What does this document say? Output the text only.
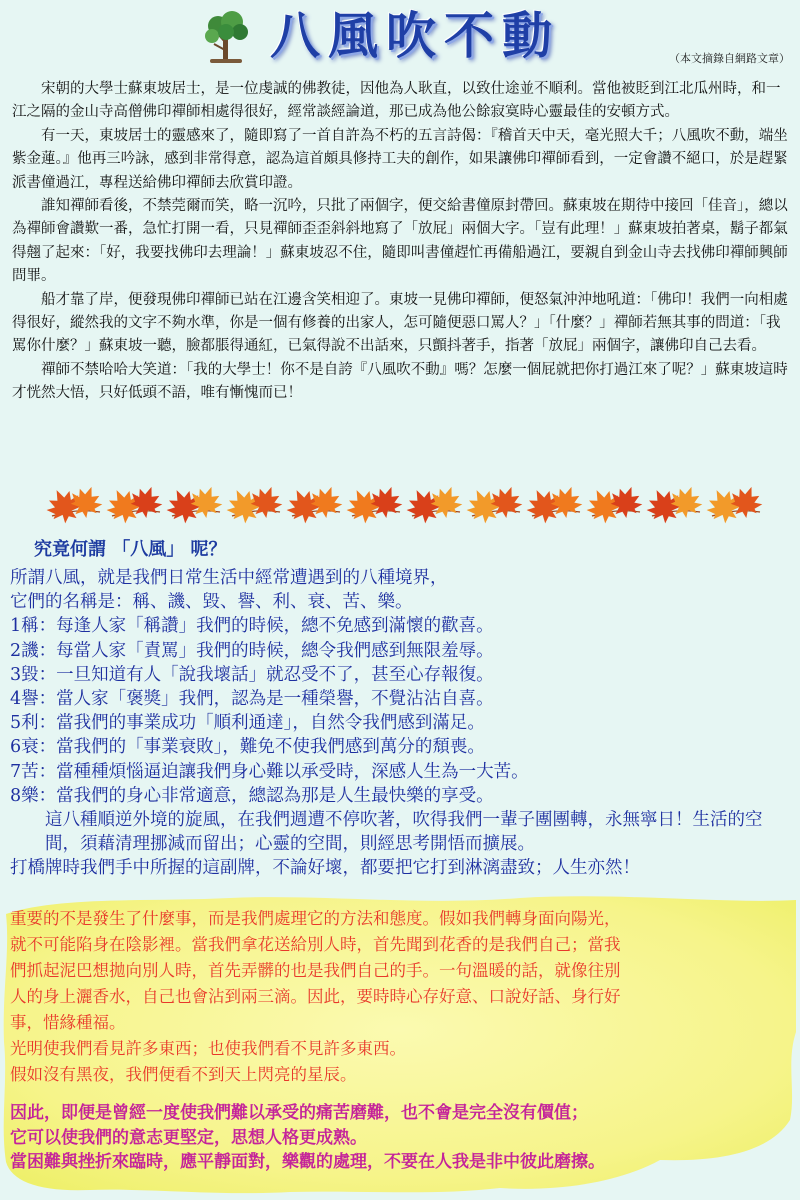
八風吹不動	（本文摘錄自網路文章）

宋朝的大學士蘇東坡居士，是一位虔誠的佛教徒，因他為人耿直，以致仕途並不順利。當他被貶到江北瓜州時，和一江之隔的金山寺高僧佛印禪師相處得很好，經常談經論道，那已成為他公餘寂寞時心靈最佳的安頓方式。

有一天，東坡居士的靈感來了，隨即寫了一首自許為不朽的五言詩偈：『稽首天中天，毫光照大千；八風吹不動，端坐紫金蓮。』他再三吟詠，感到非常得意，認為這首頗具修持工夫的創作，如果讓佛印禪師看到，一定會讚不絕口，於是趕緊派書僮過江，專程送給佛印禪師去欣賞印證。

誰知禪師看後，不禁莞爾而笑，略一沉吟，只批了兩個字，便交給書僮原封帶回。蘇東坡在期待中接回「佳音」，總以為禪師會讚歎一番，急忙打開一看，只見禪師歪歪斜斜地寫了「放屁」兩個大字。「豈有此理！」蘇東坡拍著桌，鬍子都氣得翹了起來：「好，我要找佛印去理論！」蘇東坡忍不住，隨即叫書僮趕忙再備船過江，要親自到金山寺去找佛印禪師興師問罪。

船才靠了岸，便發現佛印禪師已站在江邊含笑相迎了。東坡一見佛印禪師，便怒氣沖沖地吼道：「佛印！我們一向相處得很好，縱然我的文字不夠水準，你是一個有修養的出家人，怎可隨便惡口罵人？」「什麼？」禪師若無其事的問道：「我罵你什麼？」蘇東坡一聽，臉都脹得通紅，已氣得說不出話來，只顫抖著手，指著「放屁」兩個字，讓佛印自己去看。

禪師不禁哈哈大笑道：「我的大學士！你不是自誇『八風吹不動』嗎？怎麼一個屁就把你打過江來了呢？」蘇東坡這時才恍然大悟，只好低頭不語，唯有慚愧而已！

究竟何謂 「八風」 呢？
所謂八風，就是我們日常生活中經常遭遇到的八種境界，
它們的名稱是：稱、譏、毀、譽、利、衰、苦、樂。
1稱：每逢人家「稱讚」我們的時候，總不免感到滿懷的歡喜。
2譏：每當人家「責罵」我們的時候，總令我們感到無限羞辱。
3毀：一旦知道有人「說我壞話」就忍受不了，甚至心存報復。
4譽：當人家「褒獎」我們，認為是一種榮譽，不覺沾沾自喜。
5利：當我們的事業成功「順利通達」，自然令我們感到滿足。
6衰：當我們的「事業衰敗」，難免不使我們感到萬分的頹喪。
7苦：當種種煩惱逼迫讓我們身心難以承受時，深感人生為一大苦。
8樂：當我們的身心非常適意，總認為那是人生最快樂的享受。
這八種順逆外境的旋風，在我們週遭不停吹著，吹得我們一輩子團團轉，永無寧日！生活的空間，須藉清理挪減而留出；心靈的空間，則經思考開悟而擴展。
打橋牌時我們手中所握的這副牌，不論好壞，都要把它打到淋漓盡致；人生亦然！
重要的不是發生了什麼事，而是我們處理它的方法和態度。假如我們轉身面向陽光，
就不可能陷身在陰影裡。當我們拿花送給別人時，首先聞到花香的是我們自己；當我
們抓起泥巴想拋向別人時，首先弄髒的也是我們自己的手。一句溫暖的話，就像往別
人的身上灑香水，自己也會沾到兩三滴。因此，要時時心存好意、口說好話、身行好
事，惜緣種福。
光明使我們看見許多東西；也使我們看不見許多東西。
假如沒有黑夜，我們便看不到天上閃亮的星辰。
因此，即便是曾經一度使我們難以承受的痛苦磨難，也不會是完全沒有價值；
它可以使我們的意志更堅定，思想人格更成熟。
當困難與挫折來臨時，應平靜面對，樂觀的處理，不要在人我是非中彼此磨擦。
